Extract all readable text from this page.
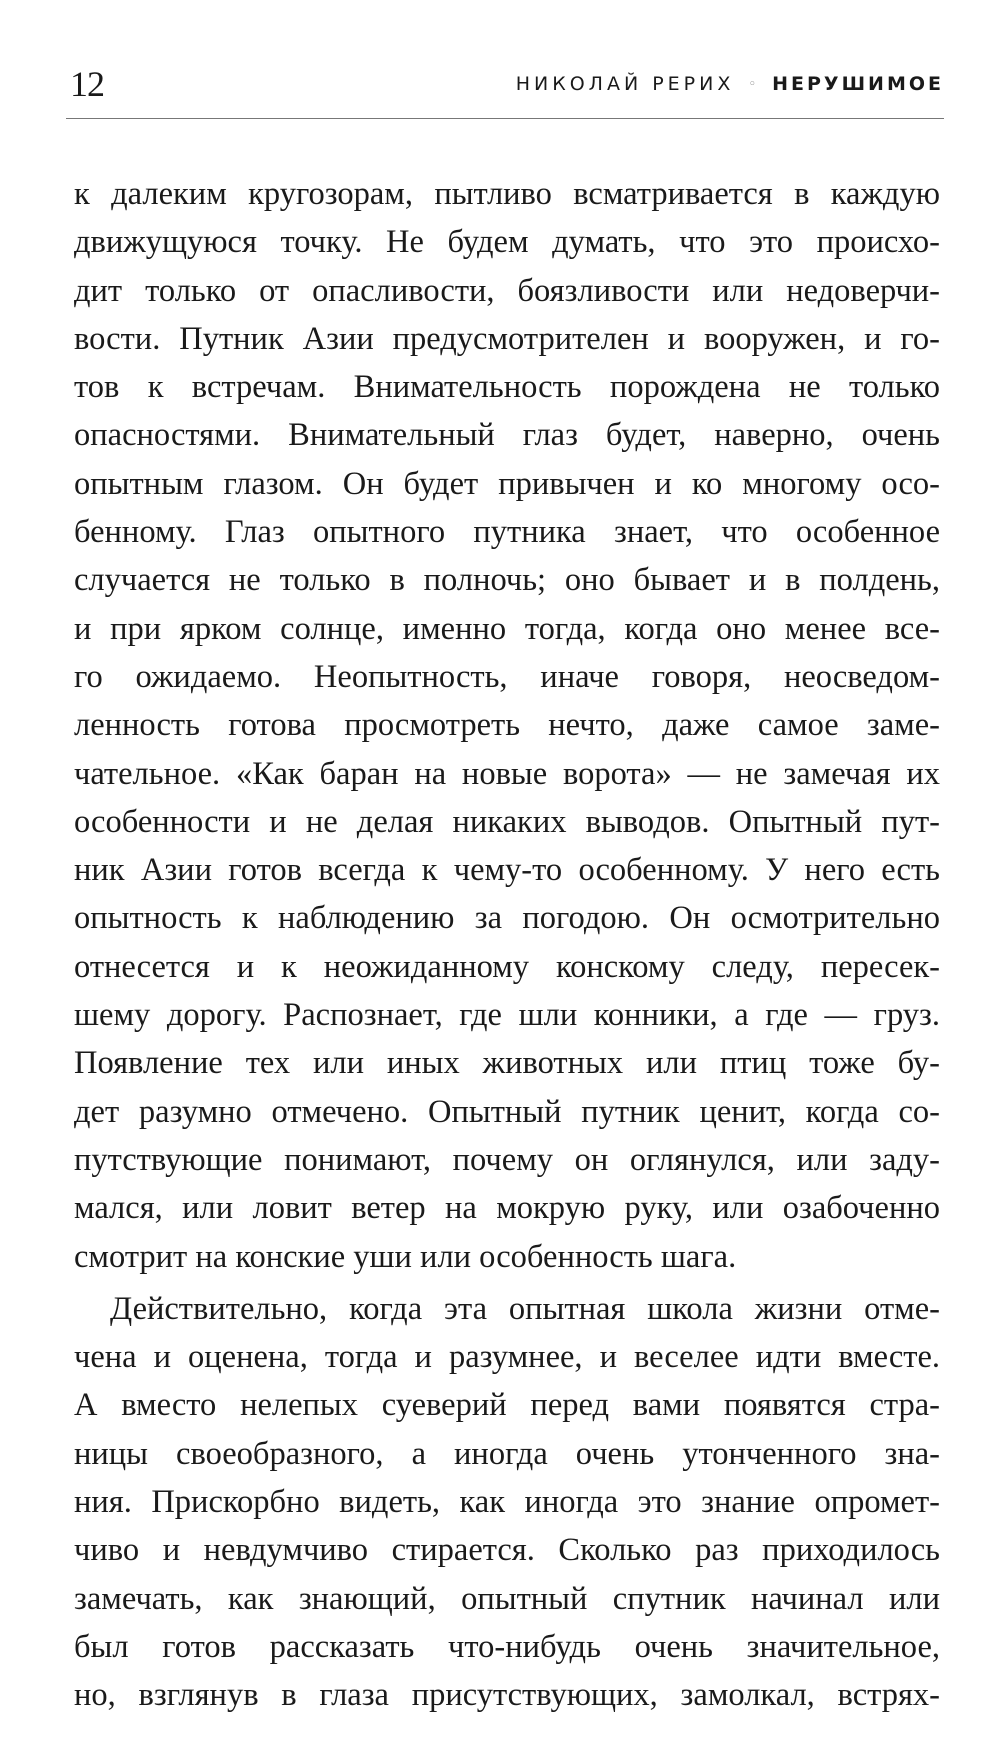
12	НИКОЛАЙ РЕРИХ ◦ НЕРУШИМОЕ
к далеким кругозорам, пытливо всматривается в каждую
движущуюся точку. Не будем думать, что это происхо-
дит только от опасливости, боязливости или недоверчи-
вости. Путник Азии предусмотрителен и вооружен, и го-
тов к встречам. Внимательность порождена не только
опасностями. Внимательный глаз будет, наверно, очень
опытным глазом. Он будет привычен и ко многому осо-
бенному. Глаз опытного путника знает, что особенное
случается не только в полночь; оно бывает и в полдень,
и при ярком солнце, именно тогда, когда оно менее все-
го ожидаемо. Неопытность, иначе говоря, неосведом-
ленность готова просмотреть нечто, даже самое заме-
чательное. «Как баран на новые ворота» — не замечая их
особенности и не делая никаких выводов. Опытный пут-
ник Азии готов всегда к чему-то особенному. У него есть
опытность к наблюдению за погодою. Он осмотрительно
отнесется и к неожиданному конскому следу, пересек-
шему дорогу. Распознает, где шли конники, а где — груз.
Появление тех или иных животных или птиц тоже бу-
дет разумно отмечено. Опытный путник ценит, когда со-
путствующие понимают, почему он оглянулся, или заду-
мался, или ловит ветер на мокрую руку, или озабоченно
смотрит на конские уши или особенность шага.
Действительно, когда эта опытная школа жизни отме-
чена и оценена, тогда и разумнее, и веселее идти вместе.
А вместо нелепых суеверий перед вами появятся стра-
ницы своеобразного, а иногда очень утонченного зна-
ния. Прискорбно видеть, как иногда это знание опромет-
чиво и невдумчиво стирается. Сколько раз приходилось
замечать, как знающий, опытный спутник начинал или
был готов рассказать что-нибудь очень значительное,
но, взглянув в глаза присутствующих, замолкал, встрях-
